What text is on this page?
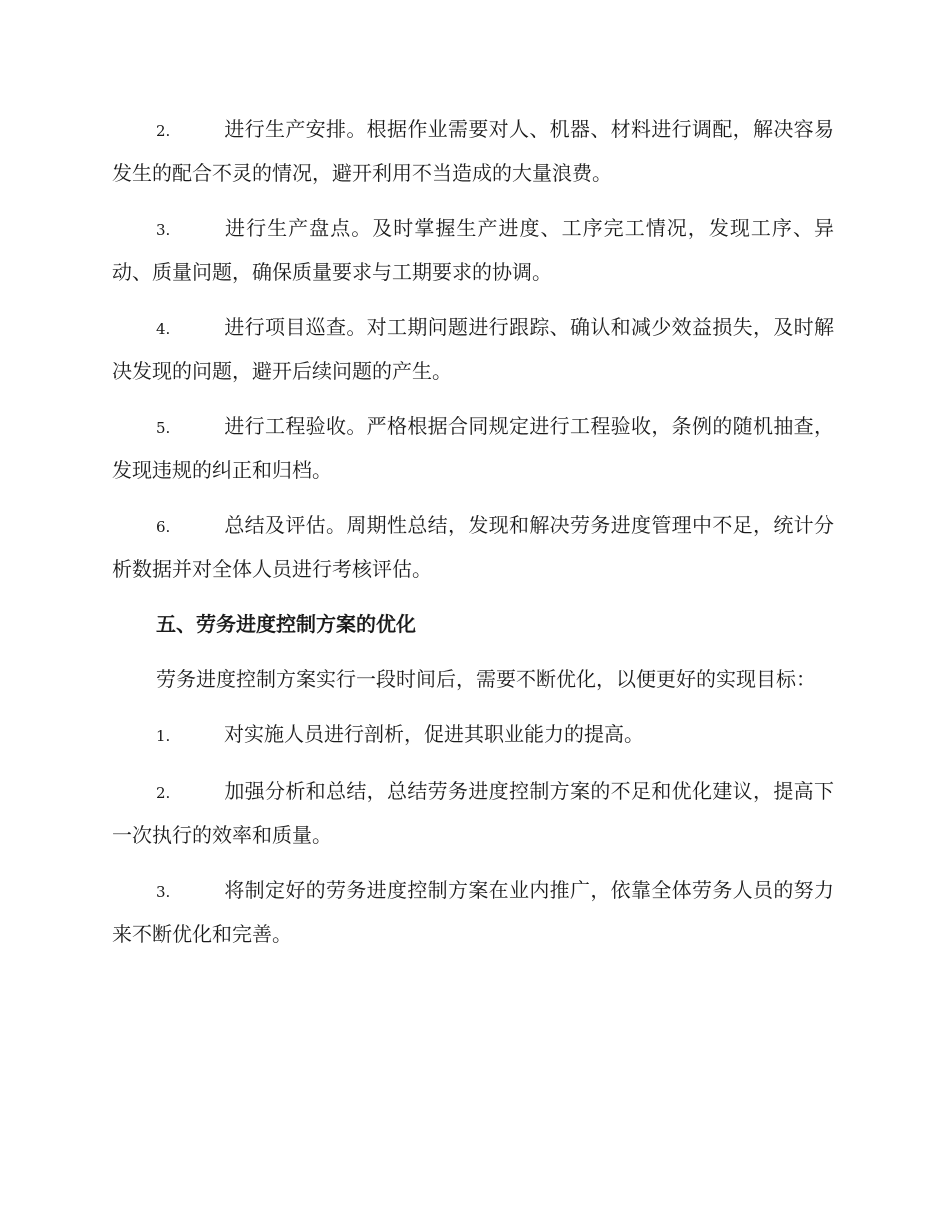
2.	进行生产安排。根据作业需要对人、机器、材料进行调配，解决容易发生的配合不灵的情况，避开利用不当造成的大量浪费。

3.	进行生产盘点。及时掌握生产进度、工序完工情况，发现工序、异动、质量问题，确保质量要求与工期要求的协调。

4.	进行项目巡查。对工期问题进行跟踪、确认和减少效益损失，及时解决发现的问题，避开后续问题的产生。

5.	进行工程验收。严格根据合同规定进行工程验收，条例的随机抽查，发现违规的纠正和归档。

6.	总结及评估。周期性总结，发现和解决劳务进度管理中不足，统计分析数据并对全体人员进行考核评估。

五、劳务进度控制方案的优化

劳务进度控制方案实行一段时间后，需要不断优化，以便更好的实现目标：

1.	对实施人员进行剖析，促进其职业能力的提高。

2.	加强分析和总结，总结劳务进度控制方案的不足和优化建议，提高下一次执行的效率和质量。

3.	将制定好的劳务进度控制方案在业内推广，依靠全体劳务人员的努力来不断优化和完善。
